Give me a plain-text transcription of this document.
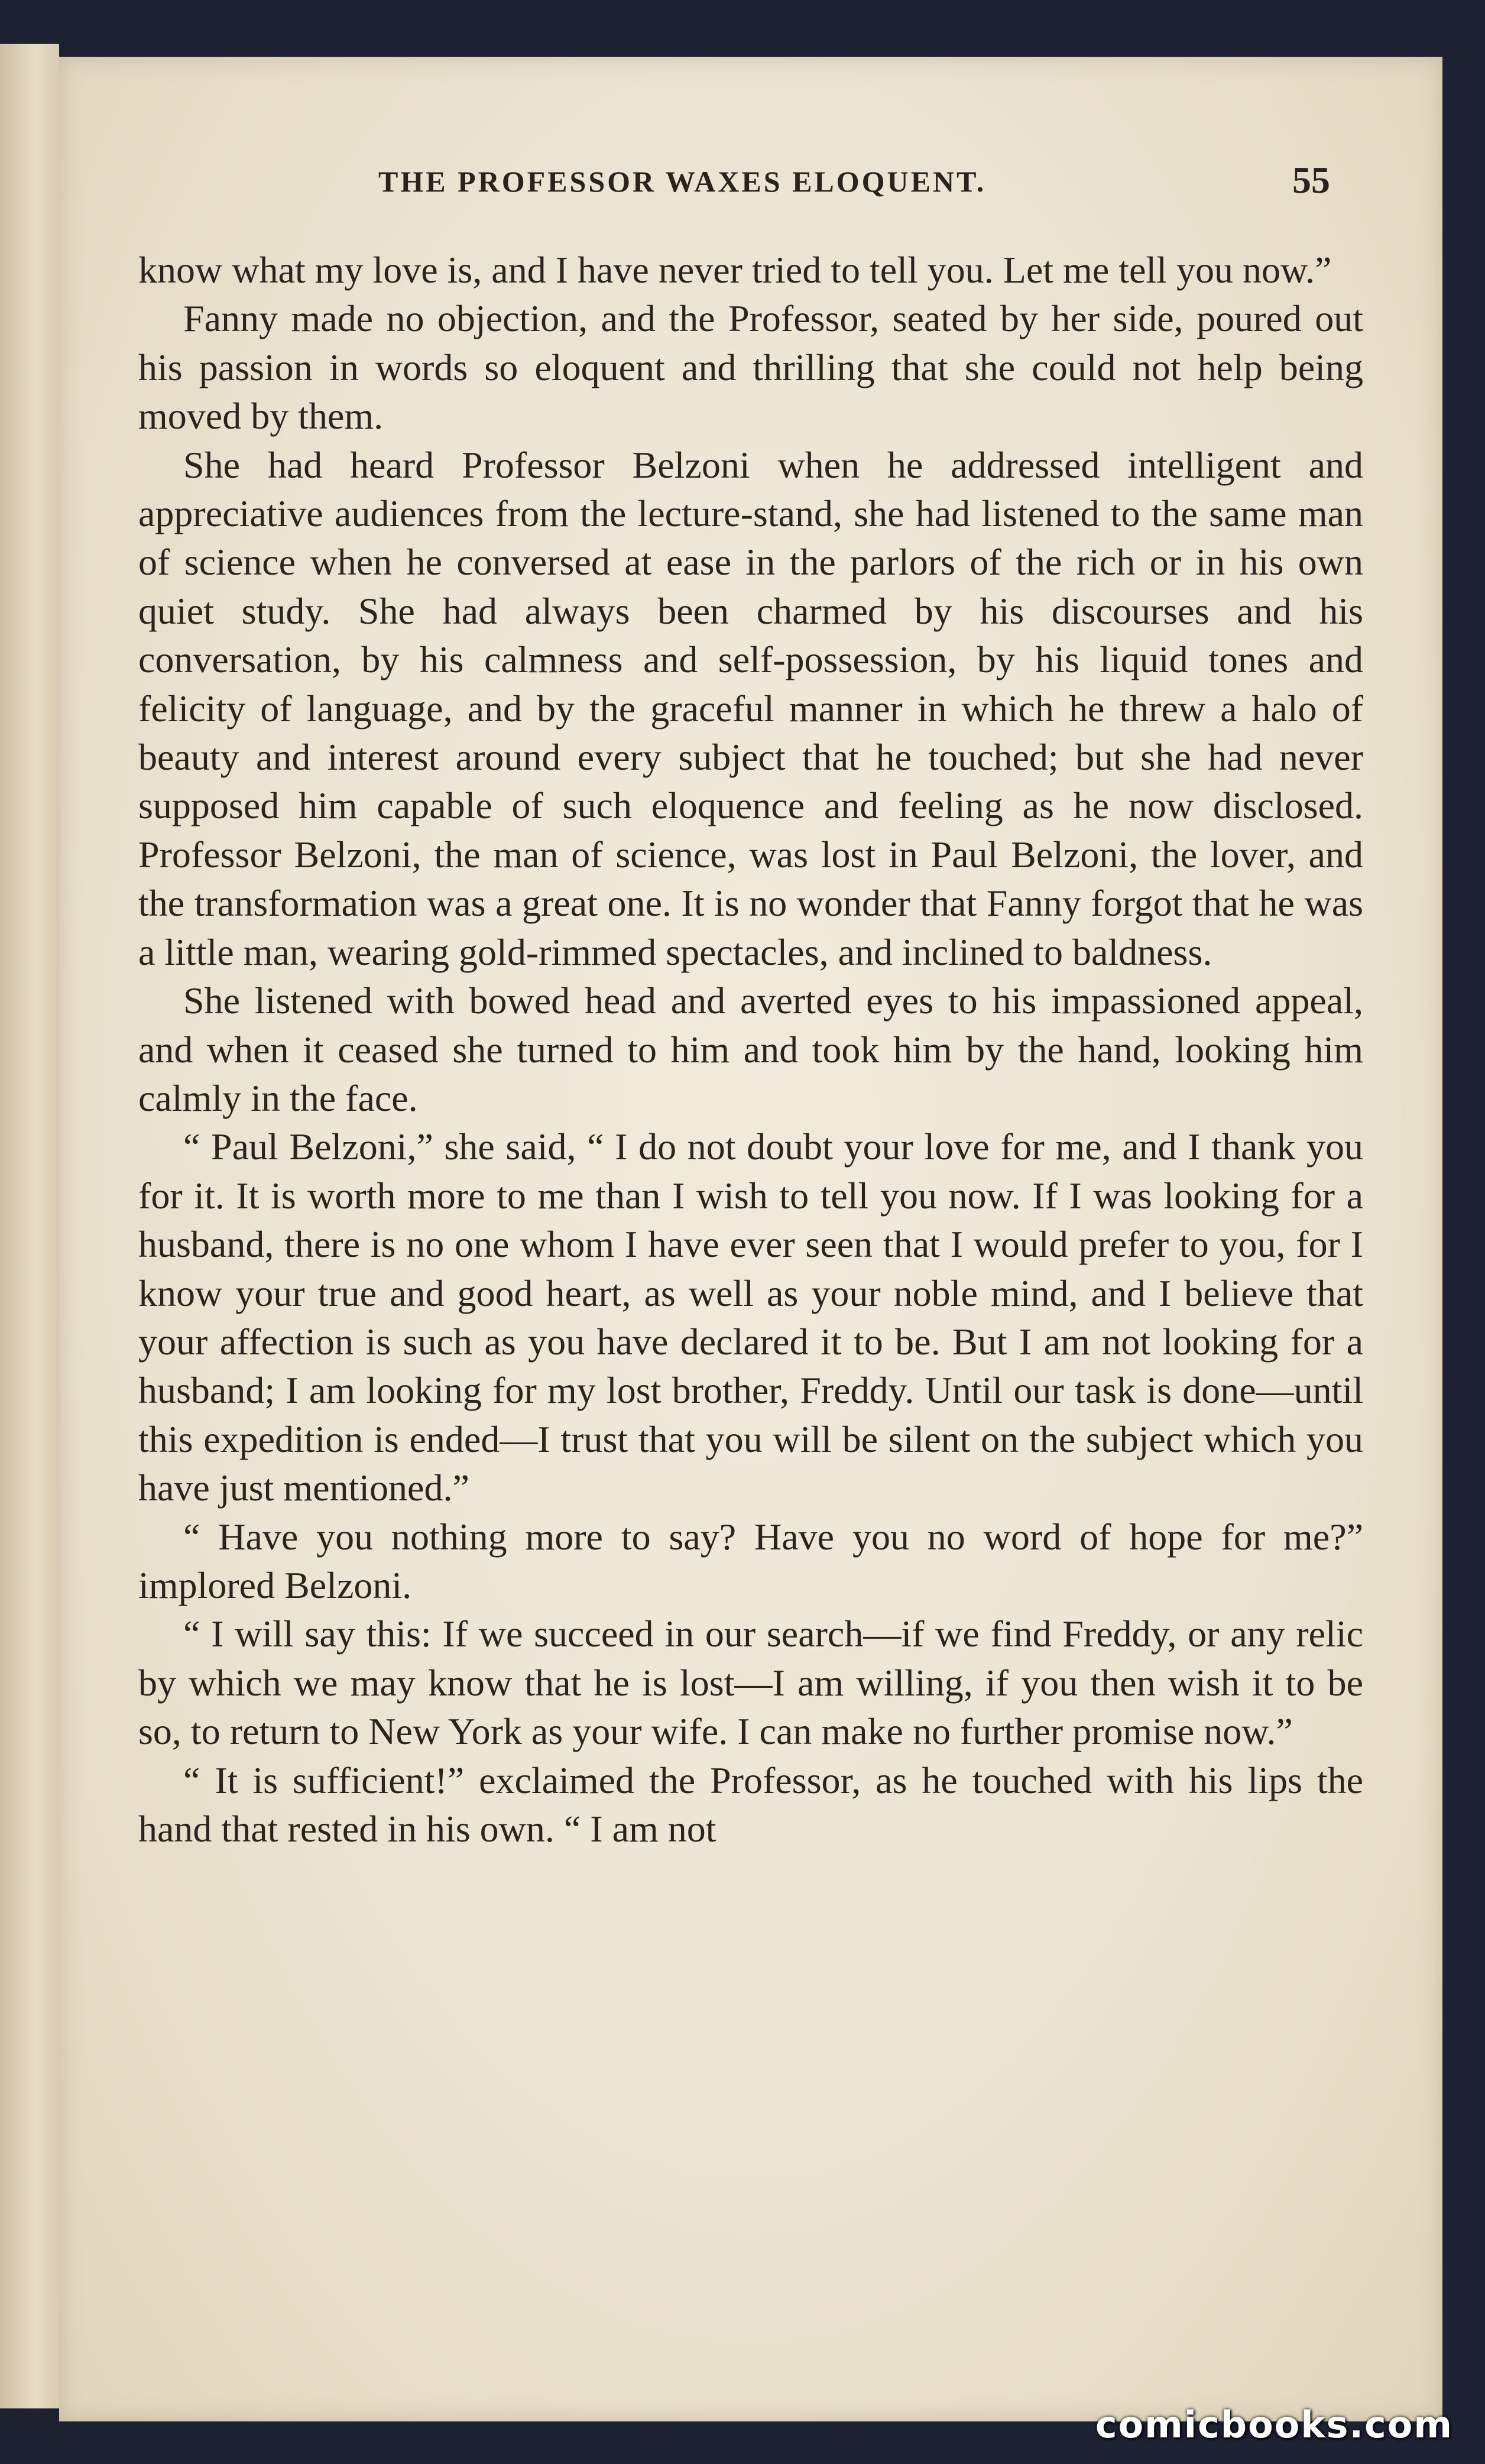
THE PROFESSOR WAXES ELOQUENT.	55

know what my love is, and I have never tried to tell you. Let me tell you now.”

Fanny made no objection, and the Professor, seated by her side, poured out his passion in words so eloquent and thrilling that she could not help being moved by them.

She had heard Professor Belzoni when he addressed intelligent and appreciative audiences from the lecture-stand, she had listened to the same man of science when he conversed at ease in the parlors of the rich or in his own quiet study. She had always been charmed by his discourses and his conversation, by his calmness and self-possession, by his liquid tones and felicity of language, and by the graceful manner in which he threw a halo of beauty and interest around every subject that he touched; but she had never supposed him capable of such eloquence and feeling as he now disclosed. Professor Belzoni, the man of science, was lost in Paul Belzoni, the lover, and the transformation was a great one. It is no wonder that Fanny forgot that he was a little man, wearing gold-rimmed spectacles, and inclined to baldness.

She listened with bowed head and averted eyes to his impassioned appeal, and when it ceased she turned to him and took him by the hand, looking him calmly in the face.

“ Paul Belzoni,” she said, “ I do not doubt your love for me, and I thank you for it. It is worth more to me than I wish to tell you now. If I was looking for a husband, there is no one whom I have ever seen that I would prefer to you, for I know your true and good heart, as well as your noble mind, and I believe that your affection is such as you have declared it to be. But I am not looking for a husband; I am looking for my lost brother, Freddy. Until our task is done—until this expedition is ended—I trust that you will be silent on the subject which you have just mentioned.”

“ Have you nothing more to say? Have you no word of hope for me?” implored Belzoni.

“ I will say this: If we succeed in our search—if we find Freddy, or any relic by which we may know that he is lost—I am willing, if you then wish it to be so, to return to New York as your wife. I can make no further promise now.”

“ It is sufficient!” exclaimed the Professor, as he touched with his lips the hand that rested in his own. “ I am not

comicbooks.com
